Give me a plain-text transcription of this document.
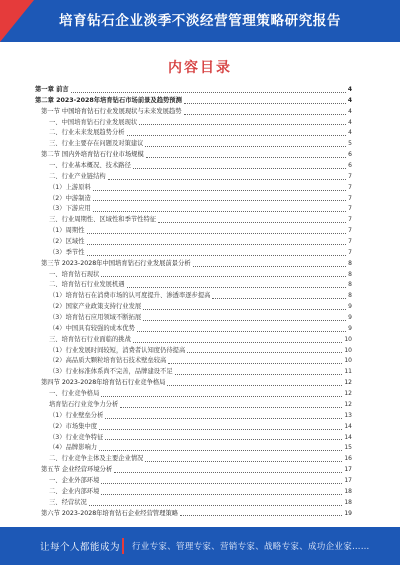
培育钻石企业淡季不淡经营管理策略研究报告
内容目录
第一章 前言	4
第二章 2023-2028年培育钻石市场前景及趋势预测	4
第一节 中国培育钻石行业发展现状与未来发展趋势	4
一、中国培育钻石行业发展现状	4
二、行业未来发展趋势分析	4
三、行业主要存在问题及对策建议	5
第二节 国内外培育钻石行业市场规模	6
一、行业基本概况、技术路径	6
二、行业产业链结构	7
（1）上游原料	7
（2）中游制造	7
（3）下游应用	7
三、行业周期性、区域性和季节性特征	7
（1）周期性	7
（2）区域性	7
（3）季节性	7
第三节 2023-2028年中国培育钻石行业发展前景分析	8
一、培育钻石现状	8
二、培育钻石行业发展机遇	8
（1）培育钻石在消费市场的认可度提升、渗透率逐步提高	8
（2）国家产业政策支持行业发展	9
（3）培育钻石应用领域不断拓展	9
（4）中国具有较强的成本优势	9
三、培育钻石行业面临的挑战	10
（1）行业发展时间较短，消费者认知度仍待提高	10
（2）高品质大颗粒培育钻石技术壁垒较高	10
（3）行业标准体系尚不完善，品牌建设不足	11
第四节 2023-2028年培育钻石行业竞争格局	12
一、行业竞争格局	12
培育钻石行业竞争力分析	12
（1）行业壁垒分析	13
（2）市场集中度	14
（3）行业竞争特征	14
（4）品牌影响力	15
二、行业竞争主体及主要企业情况	16
第五节 企业经营环境分析	17
一、企业外部环境	17
二、企业内部环境	18
三、经营状况	18
第六节 2023-2028年培育钻石企业经营管理策略	19
让每个人都能成为 行业专家、管理专家、营销专家、战略专家、成功企业家……
